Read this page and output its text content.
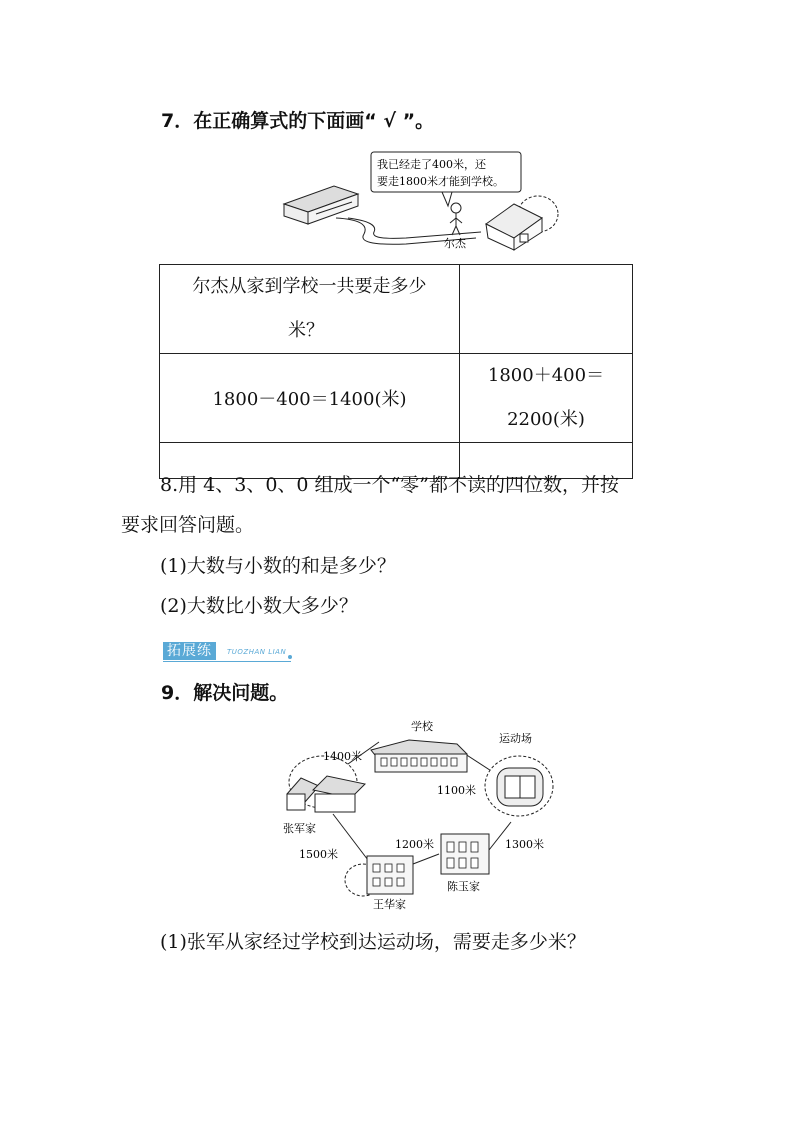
7．在正确算式的下面画“ √ ”。
我已经走了400米，还
要走1800米才能到学校。
尔杰
尔杰从家到学校一共要走多少
米？	

1800－400＝1400(米)	1800＋400＝
2200(米)

8.用 4、3、0、0 组成一个“零”都不读的四位数，并按
要求回答问题。
(1)大数与小数的和是多少？
(2)大数比小数大多少？
拓展练	TUOZHAN LIAN
9．解决问题。
学校
运动场
张军家
王华家
陈玉家
1400米
1100米
1500米
1200米	1300米
(1)张军从家经过学校到达运动场，需要走多少米？
